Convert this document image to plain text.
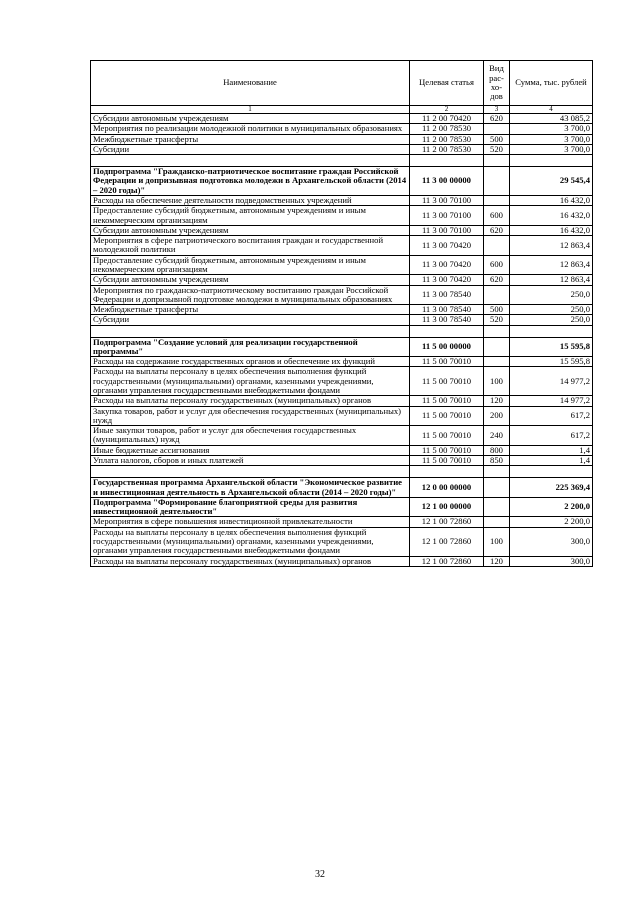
Наименование	Целевая статья	Вид рас-хо-дов	Сумма, тыс. рублей
1	2	3	4
Субсидии автономным учреждениям	11 2 00 70420	620	43 085,2
Мероприятия по реализации молодежной политики в муниципальных образованиях	11 2 00 78530		3 700,0
Межбюджетные трансферты	11 2 00 78530	500	3 700,0
Субсидии	11 2 00 78530	520	3 700,0

Подпрограмма "Гражданско-патриотическое воспитание граждан Российской Федерации и допризывная подготовка молодежи в Архангельской области (2014 – 2020 годы)"	11 3 00 00000		29 545,4
Расходы на обеспечение деятельности подведомственных учреждений	11 3 00 70100		16 432,0
Предоставление субсидий бюджетным, автономным учреждениям и иным некоммерческим организациям	11 3 00 70100	600	16 432,0
Субсидии автономным учреждениям	11 3 00 70100	620	16 432,0
Мероприятия в сфере патриотического воспитания граждан и государственной молодежной политики	11 3 00 70420		12 863,4
Предоставление субсидий бюджетным, автономным учреждениям и иным некоммерческим организациям	11 3 00 70420	600	12 863,4
Субсидии автономным учреждениям	11 3 00 70420	620	12 863,4
Мероприятия по гражданско-патриотическому воспитанию граждан Российской Федерации и допризывной подготовке молодежи в муниципальных образованиях	11 3 00 78540		250,0
Межбюджетные трансферты	11 3 00 78540	500	250,0
Субсидии	11 3 00 78540	520	250,0

Подпрограмма "Создание условий для реализации государственной программы"	11 5 00 00000		15 595,8
Расходы на содержание государственных органов и обеспечение их функций	11 5 00 70010		15 595,8
Расходы на выплаты персоналу в целях обеспечения выполнения функций государственными (муниципальными) органами, казенными учреждениями, органами управления государственными внебюджетными фондами	11 5 00 70010	100	14 977,2
Расходы на выплаты персоналу государственных (муниципальных) органов	11 5 00 70010	120	14 977,2
Закупка товаров, работ и услуг для обеспечения государственных (муниципальных) нужд	11 5 00 70010	200	617,2
Иные закупки товаров, работ и услуг для обеспечения государственных (муниципальных) нужд	11 5 00 70010	240	617,2
Иные бюджетные ассигнования	11 5 00 70010	800	1,4
Уплата налогов, сборов и иных платежей	11 5 00 70010	850	1,4

Государственная программа Архангельской области "Экономическое развитие и инвестиционная деятельность в Архангельской области (2014 – 2020 годы)"	12 0 00 00000		225 369,4
Подпрограмма "Формирование благоприятной среды для развития инвестиционной деятельности"	12 1 00 00000		2 200,0
Мероприятия в сфере повышения инвестиционной привлекательности	12 1 00 72860		2 200,0
Расходы на выплаты персоналу в целях обеспечения выполнения функций государственными (муниципальными) органами, казенными учреждениями, органами управления государственными внебюджетными фондами	12 1 00 72860	100	300,0
Расходы на выплаты персоналу государственных (муниципальных) органов	12 1 00 72860	120	300,0
32
